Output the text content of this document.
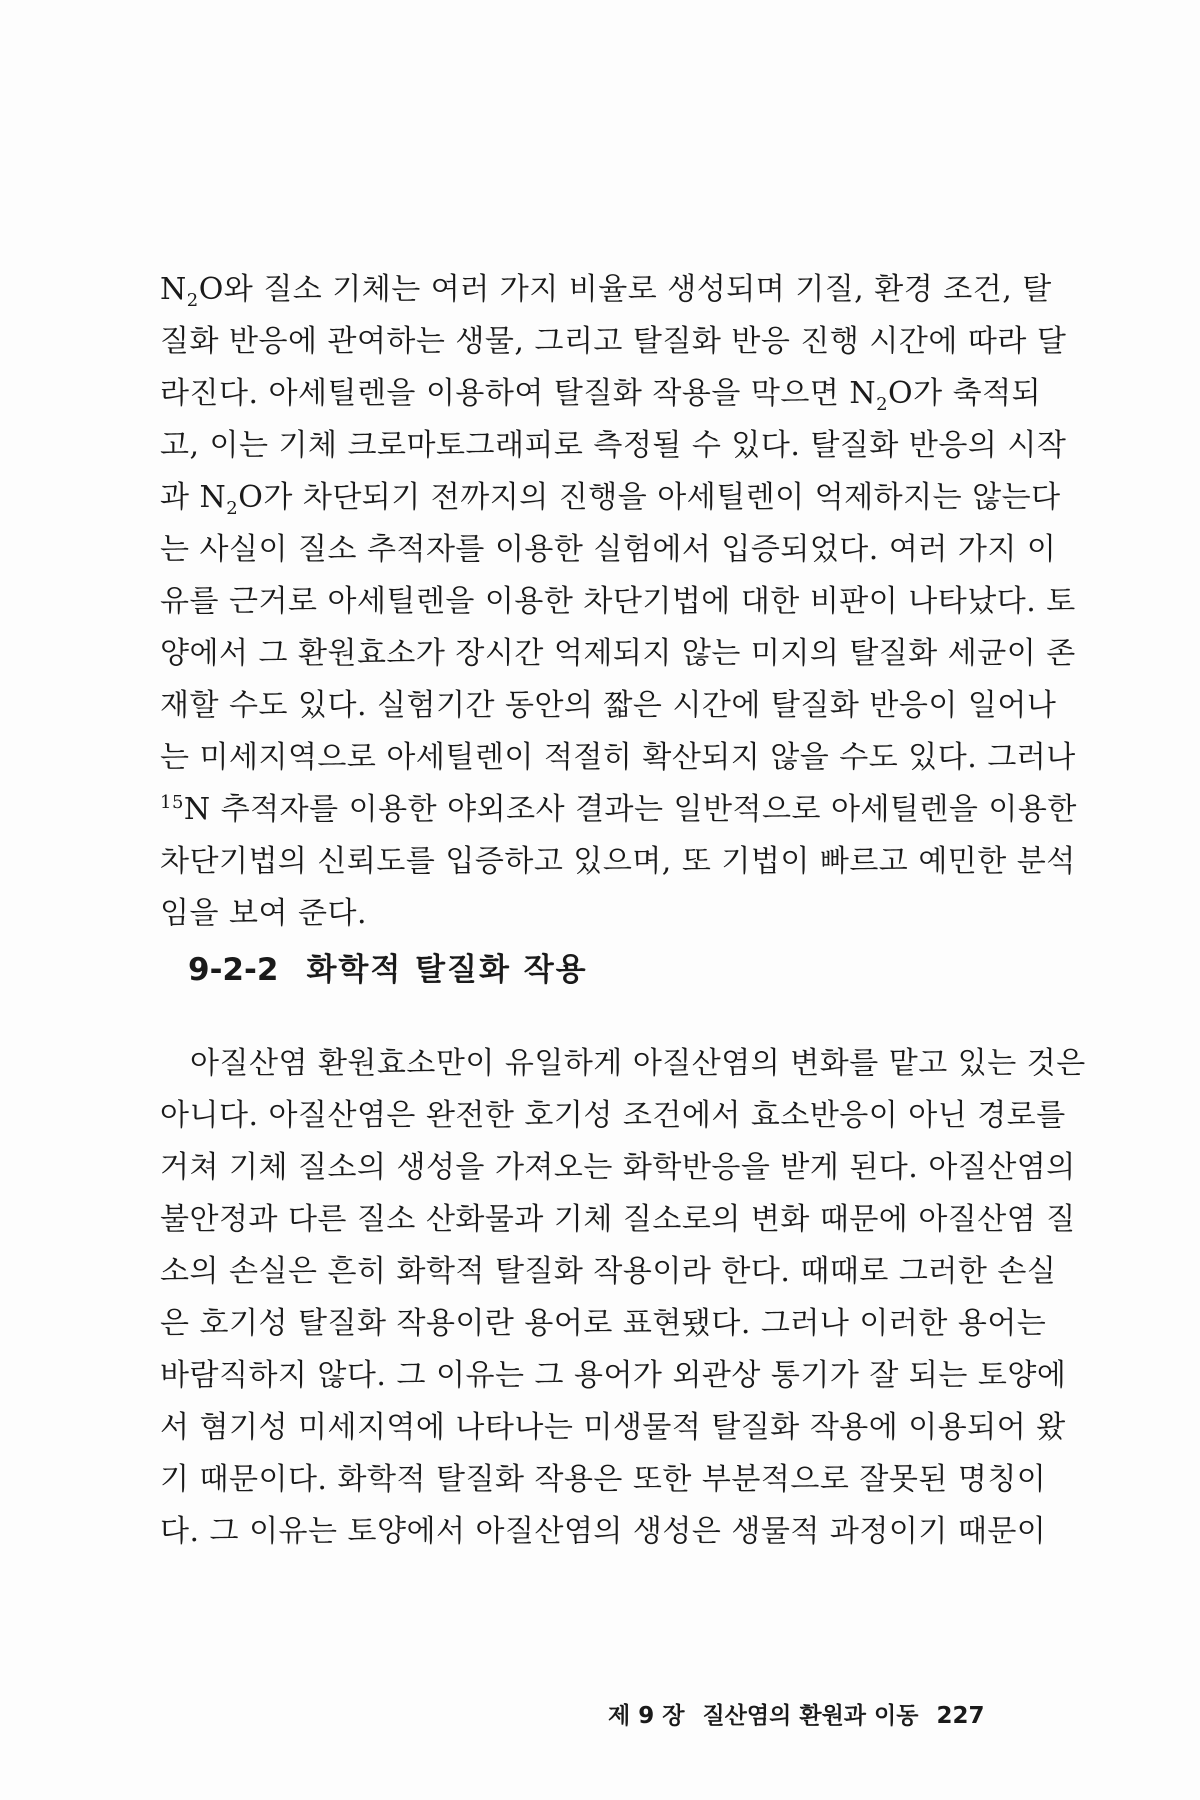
$N_2O$와 질소 기체는 여러 가지 비율로 생성되며 기질, 환경 조건, 탈
질화 반응에 관여하는 생물, 그리고 탈질화 반응 진행 시간에 따라 달
라진다. 아세틸렌을 이용하여 탈질화 작용을 막으면 $N_2O$가 축적되
고, 이는 기체 크로마토그래피로 측정될 수 있다. 탈질화 반응의 시작
과 $N_2O$가 차단되기 전까지의 진행을 아세틸렌이 억제하지는 않는다
는 사실이 질소 추적자를 이용한 실험에서 입증되었다. 여러 가지 이
유를 근거로 아세틸렌을 이용한 차단기법에 대한 비판이 나타났다. 토
양에서 그 환원효소가 장시간 억제되지 않는 미지의 탈질화 세균이 존
재할 수도 있다. 실험기간 동안의 짧은 시간에 탈질화 반응이 일어나
는 미세지역으로 아세틸렌이 적절히 확산되지 않을 수도 있다. 그러나
$^{15}$N 추적자를 이용한 야외조사 결과는 일반적으로 아세틸렌을 이용한
차단기법의 신뢰도를 입증하고 있으며, 또 기법이 빠르고 예민한 분석
임을 보여 준다.
9-2-2 화학적 탈질화 작용
아질산염 환원효소만이 유일하게 아질산염의 변화를 맡고 있는 것은
아니다. 아질산염은 완전한 호기성 조건에서 효소반응이 아닌 경로를
거쳐 기체 질소의 생성을 가져오는 화학반응을 받게 된다. 아질산염의
불안정과 다른 질소 산화물과 기체 질소로의 변화 때문에 아질산염 질
소의 손실은 흔히 화학적 탈질화 작용이라 한다. 때때로 그러한 손실
은 호기성 탈질화 작용이란 용어로 표현됐다. 그러나 이러한 용어는
바람직하지 않다. 그 이유는 그 용어가 외관상 통기가 잘 되는 토양에
서 혐기성 미세지역에 나타나는 미생물적 탈질화 작용에 이용되어 왔
기 때문이다. 화학적 탈질화 작용은 또한 부분적으로 잘못된 명칭이
다. 그 이유는 토양에서 아질산염의 생성은 생물적 과정이기 때문이
제 9 장 질산염의 환원과 이동 227
